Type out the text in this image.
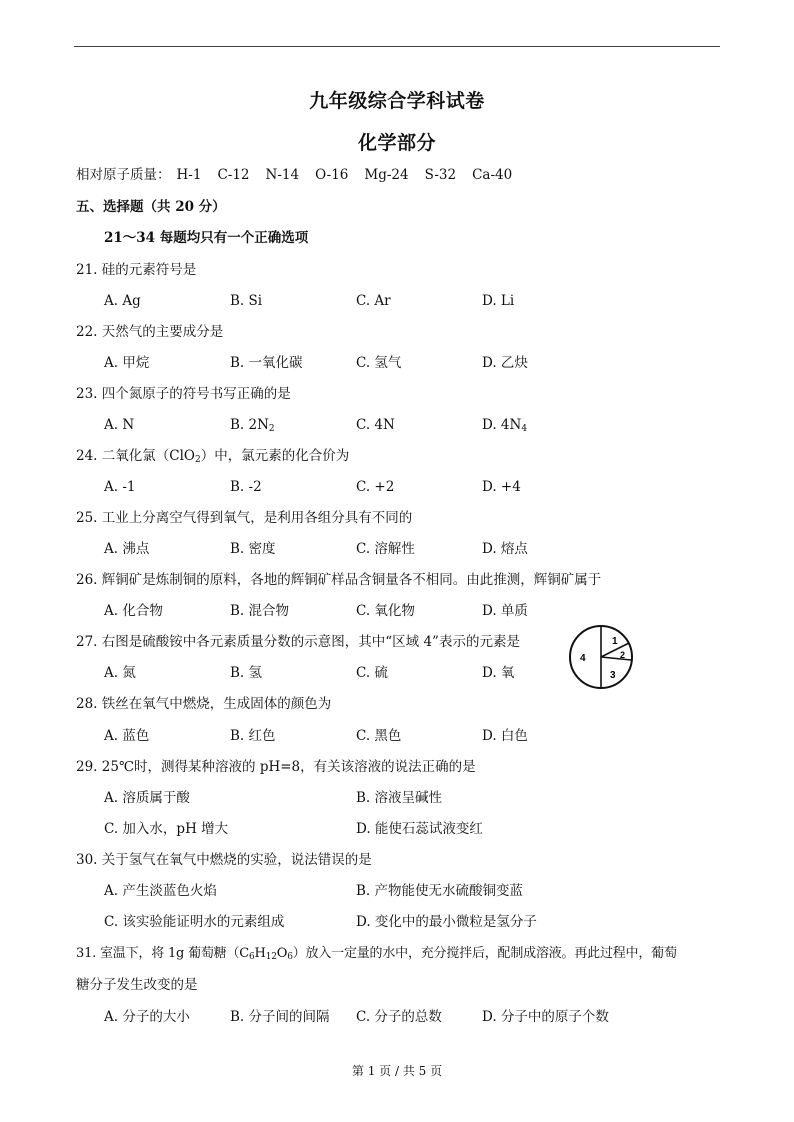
九年级综合学科试卷
化学部分
相对原子质量： H-1 C-12 N-14 O-16 Mg-24 S-32 Ca-40
五、选择题（共 20 分）
21～34 每题均只有一个正确选项
21. 硅的元素符号是
A. Ag	B. Si	C. Ar	D. Li
22. 天然气的主要成分是
A. 甲烷	B. 一氧化碳	C. 氢气	D. 乙炔
23. 四个氮原子的符号书写正确的是
A. N	B. $2N_2$	C. 4N	D. $4N_4$
24. 二氧化氯（ClO$_2$）中，氯元素的化合价为
A. -1	B. -2	C. +2	D. +4
25. 工业上分离空气得到氧气，是利用各组分具有不同的
A. 沸点	B. 密度	C. 溶解性	D. 熔点
26. 辉铜矿是炼制铜的原料，各地的辉铜矿样品含铜量各不相同。由此推测，辉铜矿属于
A. 化合物	B. 混合物	C. 氧化物	D. 单质
27. 右图是硫酸铵中各元素质量分数的示意图，其中“区域 4”表示的元素是
A. 氮	B. 氢	C. 硫	D. 氧
1
2
3
4
28. 铁丝在氧气中燃烧，生成固体的颜色为
A. 蓝色	B. 红色	C. 黑色	D. 白色
29. 25℃时，测得某种溶液的 pH=8，有关该溶液的说法正确的是
A. 溶质属于酸	B. 溶液呈碱性
C. 加入水，pH 增大	D. 能使石蕊试液变红
30. 关于氢气在氧气中燃烧的实验，说法错误的是
A. 产生淡蓝色火焰	B. 产物能使无水硫酸铜变蓝
C. 该实验能证明水的元素组成	D. 变化中的最小微粒是氢分子
31. 室温下，将 1g 葡萄糖$(C_6H_{12}O_6)$放入一定量的水中，充分搅拌后，配制成溶液。再此过程中，葡萄
糖分子发生改变的是
A. 分子的大小	B. 分子间的间隔 C. 分子的总数	D. 分子中的原子个数
第 1 页 / 共 5 页
